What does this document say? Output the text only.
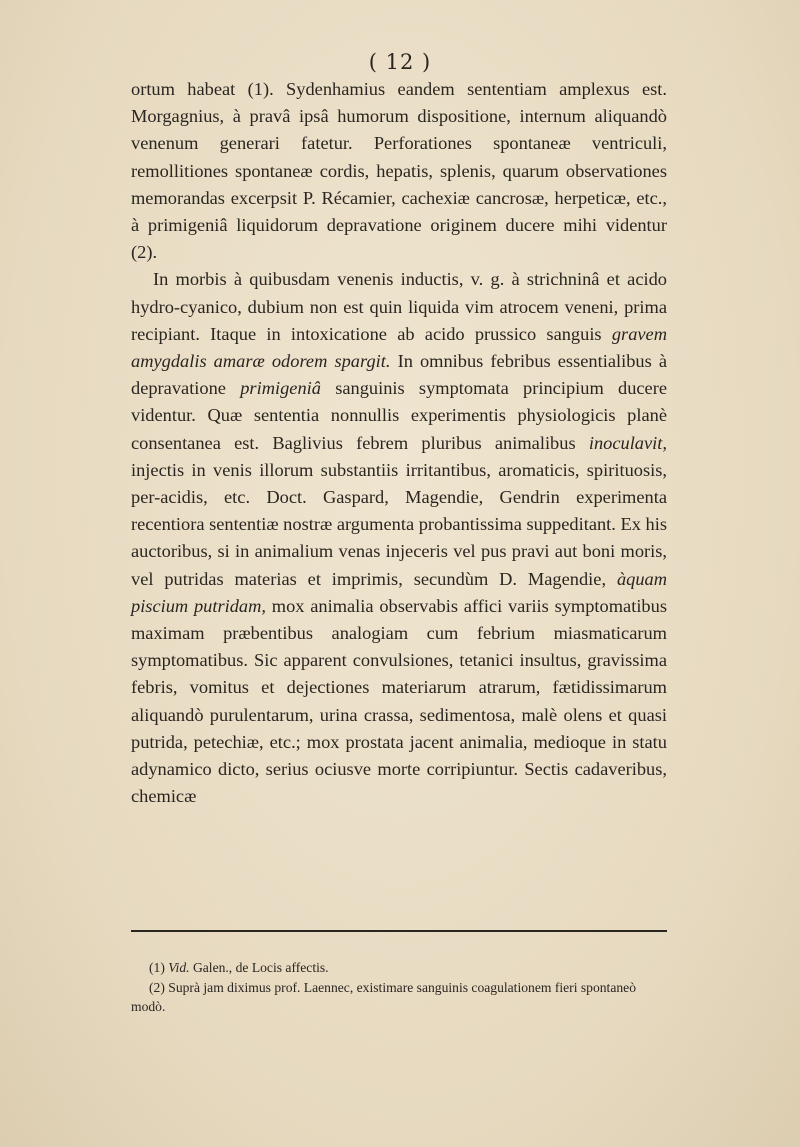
( 12 )

ortum habeat (1). Sydenhamius eandem sententiam amplexus est. Morgagnius, à pravâ ipsâ humorum dispositione, internum aliquandò venenum generari fatetur. Perforationes spontaneæ ventriculi, remollitiones spontaneæ cordis, hepatis, splenis, quarum observationes memorandas excerpsit P. Récamier, cachexiæ cancrosæ, herpeticæ, etc., à primigeniâ liquidorum depravatione originem ducere mihi videntur (2).

In morbis à quibusdam venenis inductis, v. g. à strichninâ et acido hydro-cyanico, dubium non est quin liquida vim atrocem veneni, prima recipiant. Itaque in intoxicatione ab acido prussico sanguis gravem amygdalis amaræ odorem spargit. In omnibus febribus essentialibus à depravatione primigeniâ sanguinis symptomata principium ducere videntur. Quæ sententia nonnullis experimentis physiologicis planè consentanea est. Baglivius febrem pluribus animalibus inoculavit, injectis in venis illorum substantiis irritantibus, aromaticis, spirituosis, per-acidis, etc. Doct. Gaspard, Magendie, Gendrin experimenta recentiora sententiæ nostræ argumenta probantissima suppeditant. Ex his auctoribus, si in animalium venas injeceris vel pus pravi aut boni moris, vel putridas materias et imprimis, secundùm D. Magendie, àquam piscium putridam, mox animalia observabis affici variis symptomatibus maximam præbentibus analogiam cum febrium miasmaticarum symptomatibus. Sic apparent convulsiones, tetanici insultus, gravissima febris, vomitus et dejectiones materiarum atrarum, fætidissimarum aliquandò purulentarum, urina crassa, sedimentosa, malè olens et quasi putrida, petechiæ, etc.; mox prostata jacent animalia, medioque in statu adynamico dicto, serius ociusve morte corripiuntur. Sectis cadaveribus, chemicæ

(1) Vid. Galen., de Locis affectis.

(2) Suprà jam diximus prof. Laennec, existimare sanguinis coagulationem fieri spontaneò modò.
